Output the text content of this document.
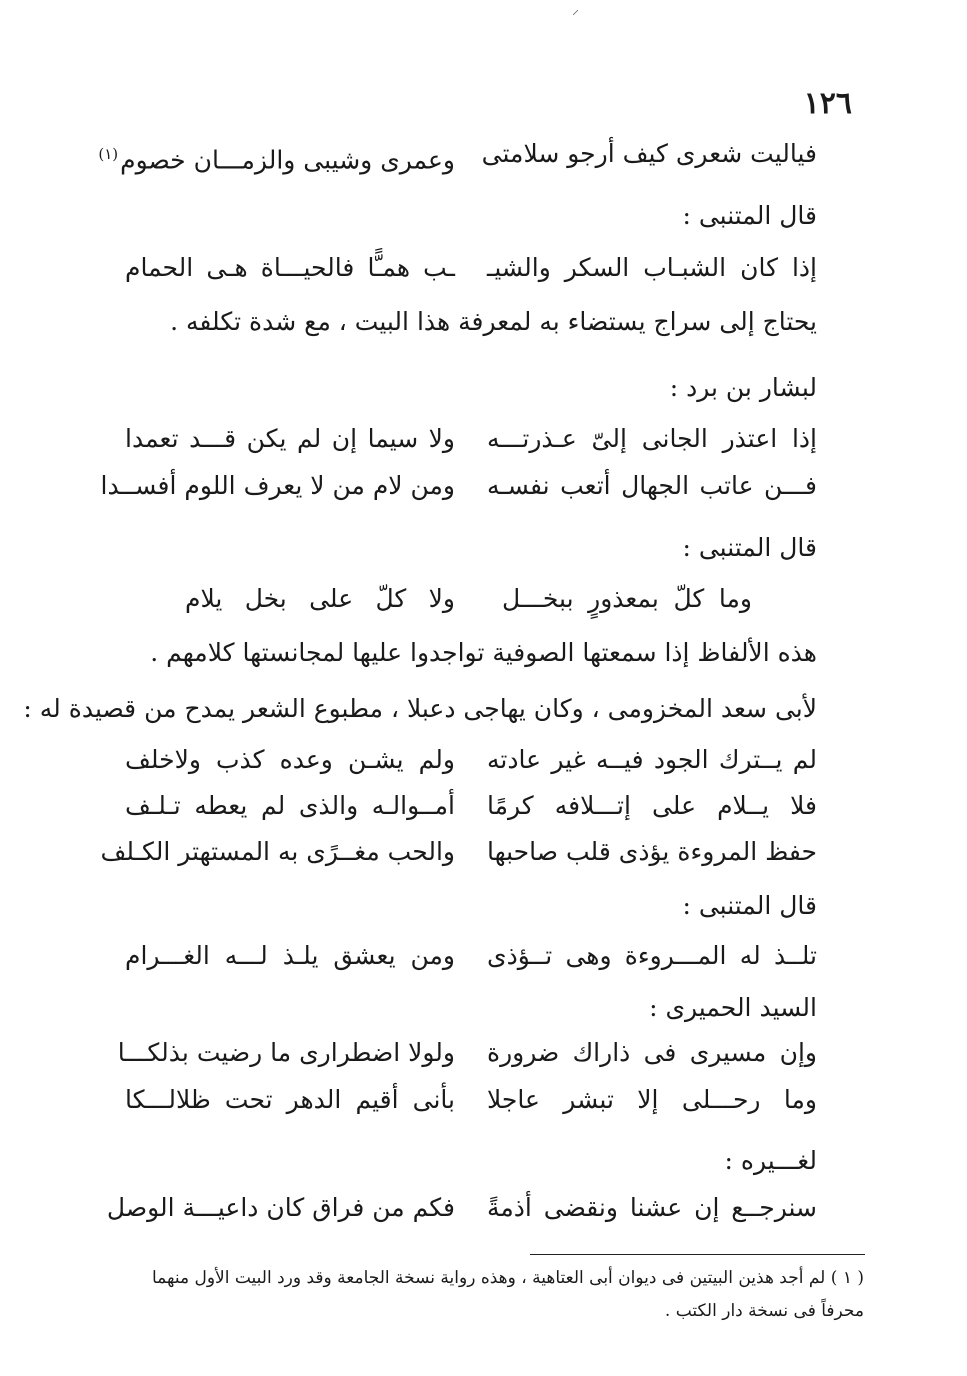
⸝
١٢٦
فياليت شعرى كيف أرجو سلامتى
وعمرى وشيبى والزمـــان خصوم$^{(١)}$
قال المتنبى :
إذا كان الشبـاب السكر والشيـ
ـب همـًّا فالحيـــاة هـى الحمام
يحتاج إلى سراج يستضاء به لمعرفة هذا البيت ، مع شدة تكلفه .
لبشار بن برد :
إذا اعتذر الجانى إلىّ عـذرتـــه
ولا سيما إن لم يكن قـــد تعمدا
فـــن عاتب الجهال أتعب نفسـه
ومن لام من لا يعرف اللوم أفســدا
قال المتنبى :
وما كلّ بمعذورٍ ببخـــل
ولا كلّ على بخل يلام
هذه الألفاظ إذا سمعتها الصوفية تواجدوا عليها لمجانستها كلامهم .
لأبى سعد المخزومى ، وكان يهاجى دعبلا ، مطبوع الشعر يمدح من قصيدة له :
لم يــترك الجود فيــه غير عادته
ولم يشـن وعده كذب ولاخلف
فلا يــلام على إتـــلافه كرمًا
أمــوالـه والذى لم يعطه تـلـف
حفظ المروءة يؤذى قلب صاحبها
والحب مغــرًى به المستهتر الكـلف
قال المتنبى :
تلــذ له المـــروءة وهى تــؤذى
ومن يعشق يلـذ لـــه الغـــرام
السيد الحميرى :
وإن مسيرى فى ذاراك ضرورة
ولولا اضطرارى ما رضيت بذلكـــا
وما رحـــلى إلا تبشر عاجلا
بأنى أقيم الدهر تحت ظلالـــكا
لغـــيره :
سنرجــع إن عشنا ونقضى أذمةً
فكم من فراق كان داعيـــة الوصل
( ١ ) لم أجد هذين البيتين فى ديوان أبى العتاهية ، وهذه رواية نسخة الجامعة وقد ورد البيت الأول منهما
محرفاً فى نسخة دار الكتب .
